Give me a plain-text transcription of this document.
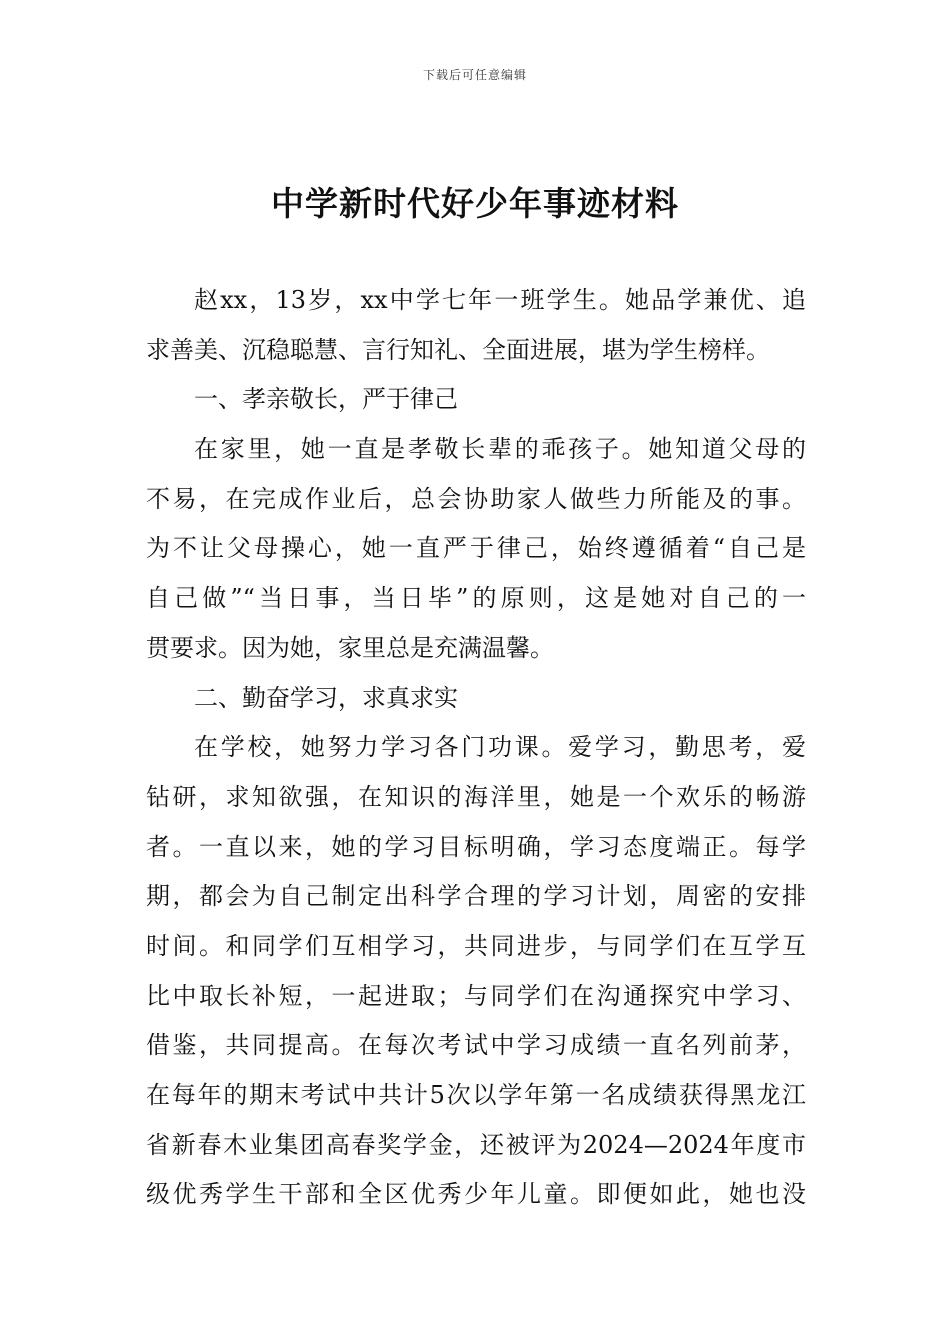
下载后可任意编辑
中学新时代好少年事迹材料
赵xx，13岁，xx中学七年一班学生。她品学兼优、追
求善美、沉稳聪慧、言行知礼、全面进展，堪为学生榜样。
一、孝亲敬长，严于律己
在家里，她一直是孝敬长辈的乖孩子。她知道父母的
不易，在完成作业后，总会协助家人做些力所能及的事。
为不让父母操心，她一直严于律己，始终遵循着“自己是
自己做”“当日事，当日毕”的原则，这是她对自己的一
贯要求。因为她，家里总是充满温馨。
二、勤奋学习，求真求实
在学校，她努力学习各门功课。爱学习，勤思考，爱
钻研，求知欲强，在知识的海洋里，她是一个欢乐的畅游
者。一直以来，她的学习目标明确，学习态度端正。每学
期，都会为自己制定出科学合理的学习计划，周密的安排
时间。和同学们互相学习，共同进步，与同学们在互学互
比中取长补短，一起进取；与同学们在沟通探究中学习、
借鉴，共同提高。在每次考试中学习成绩一直名列前茅，
在每年的期末考试中共计5次以学年第一名成绩获得黑龙江
省新春木业集团高春奖学金，还被评为2024—2024年度市
级优秀学生干部和全区优秀少年儿童。即便如此，她也没
